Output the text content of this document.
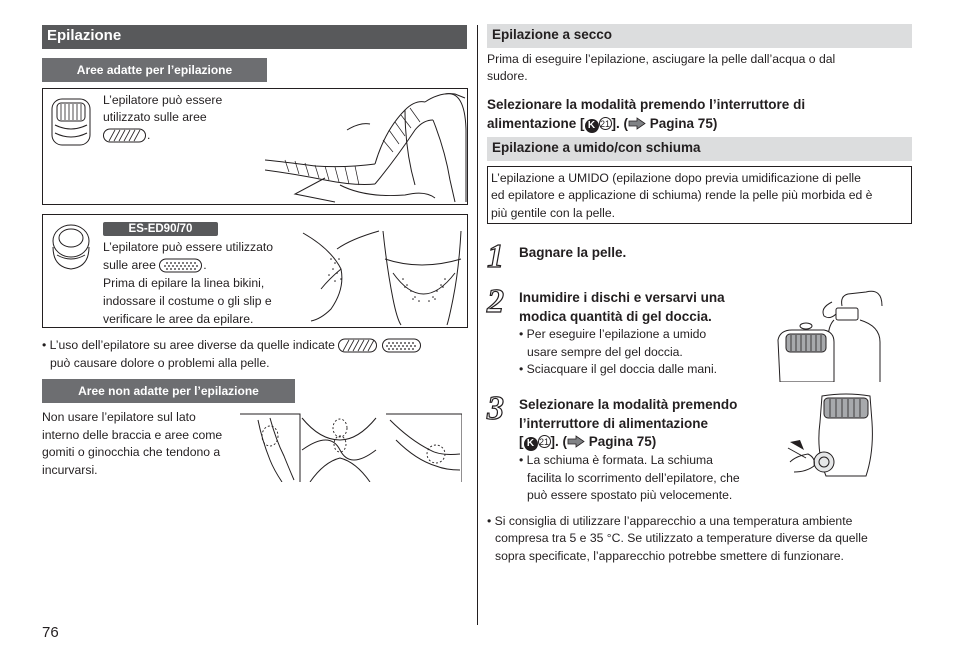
Epilazione
Aree adatte per l’epilazione
L’epilatore può essere
utilizzato sulle aree
.
ES-ED90/70
L’epilatore può essere utilizzato
sulle aree	.
Prima di epilare la linea bikini,
indossare il costume o gli slip e
verificare le aree da epilare.
• L’uso dell’epilatore su aree diverse da quelle indicate
può causare dolore o problemi alla pelle.
Aree non adatte per l’epilazione
Non usare l’epilatore sul lato
interno delle braccia e aree come
gomiti o ginocchia che tendono a
incurvarsi.
76
Epilazione a secco
Prima di eseguire l’epilazione, asciugare la pelle dall’acqua o dal
sudore.
Selezionare la modalità premendo l’interruttore di
alimentazione [ K 21 ]. ( Pagina 75)
Epilazione a umido/con schiuma
L’epilazione a UMIDO (epilazione dopo previa umidificazione di pelle
ed epilatore e applicazione di schiuma) rende la pelle più morbida ed è
più gentile con la pelle.
1 Bagnare la pelle.
2 Inumidire i dischi e versarvi una
modica quantità di gel doccia.
• Per eseguire l’epilazione a umido
usare sempre del gel doccia.
• Sciacquare il gel doccia dalle mani.
3 Selezionare la modalità premendo
l’interruttore di alimentazione
[ K 21 ]. ( Pagina 75)
• La schiuma è formata. La schiuma
facilita lo scorrimento dell’epilatore, che
può essere spostato più velocemente.
• Si consiglia di utilizzare l’apparecchio a una temperatura ambiente
compresa tra 5 e 35 °C. Se utilizzato a temperature diverse da quelle
sopra specificate, l’apparecchio potrebbe smettere di funzionare.
